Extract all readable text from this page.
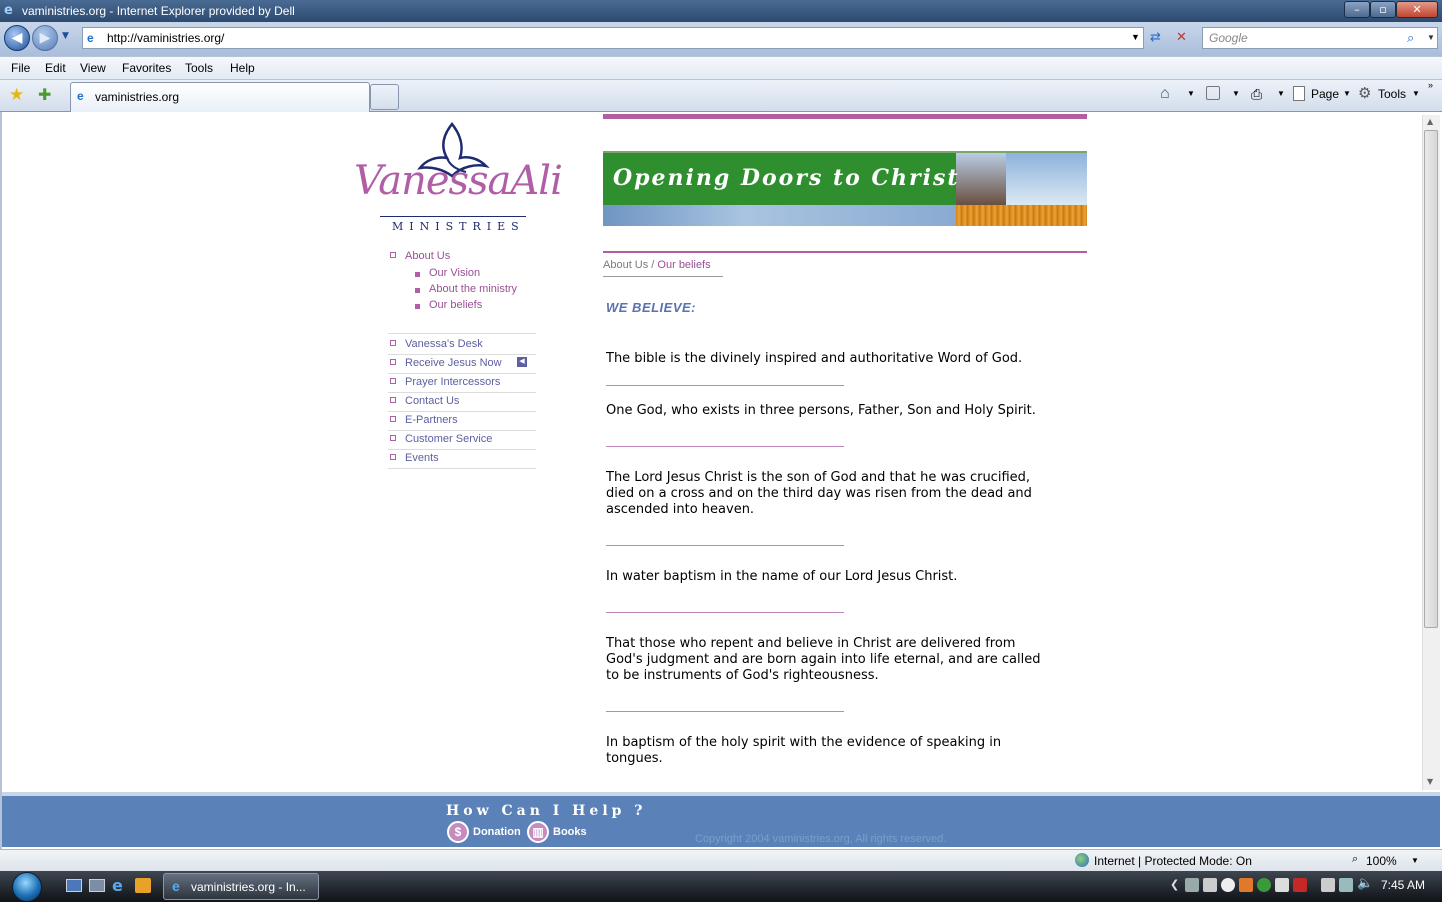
e vaministries.org - Internet Explorer provided by Dell	–	▫	✕
◀	▶	▼ e http://vaministries.org/	▼ ⇄ ✕ Google	⌕ ▼
File Edit View Favorites Tools Help
★ ✚ e vaministries.org	⌂ ▼	▼ ⎙ ▼ Page ▼ ⚙ Tools ▼
»
VanessaAli
MINISTRIES
About Us
Our Vision
About the ministry
Our beliefs
Vanessa's Desk
Receive Jesus Now	◀
Prayer Intercessors
Contact Us
E-Partners
Customer Service
Events
Opening Doors to Christ
About Us / Our beliefs
WE BELIEVE:
The bible is the divinely inspired and authoritative Word of God.
One God, who exists in three persons, Father, Son and Holy Spirit.
The Lord Jesus Christ is the son of God and that he was crucified, died on a cross and on the third day was risen from the dead and ascended into heaven.
In water baptism in the name of our Lord Jesus Christ.
That those who repent and believe in Christ are delivered from God's judgment and are born again into life eternal, and are called to be instruments of God's righteousness.
In baptism of the holy spirit with the evidence of speaking in tongues.
▲
▼
How Can I Help ?
$ Donation ▥ Books
Copyright 2004 vaministries.org, All rights reserved.
Internet | Protected Mode: On	⌕ 100% ▼
e	e vaministries.org - In...	❮	🔈 7:45 AM
